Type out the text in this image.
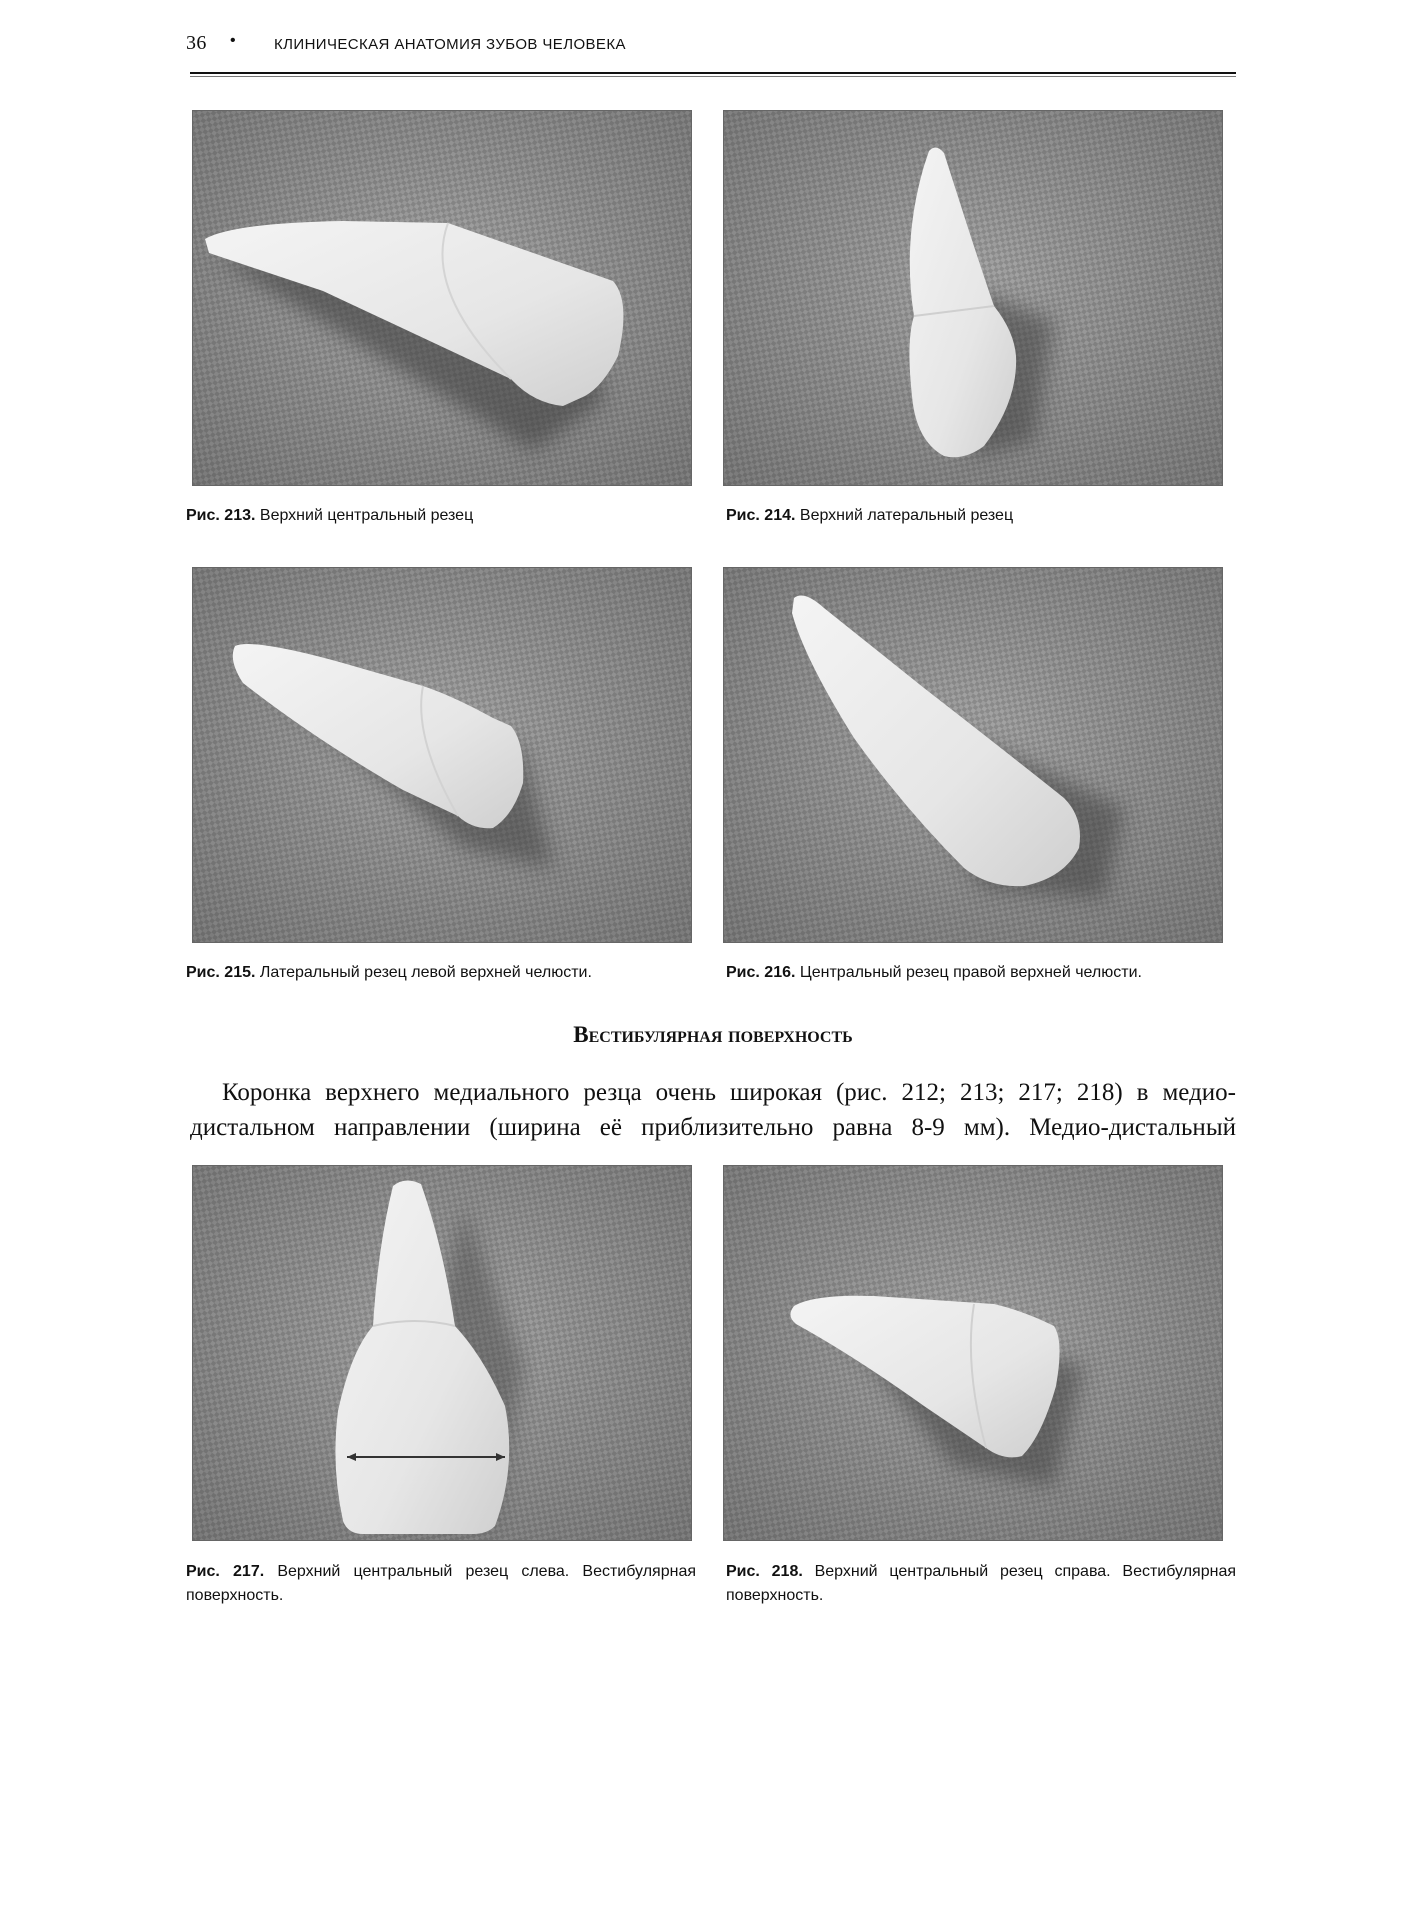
36 •	КЛИНИЧЕСКАЯ АНАТОМИЯ ЗУБОВ ЧЕЛОВЕКА
Рис. 213. Верхний центральный резец	Рис. 214. Верхний латеральный резец
Рис. 215. Латеральный резец левой верхней челюсти.	Рис. 216. Центральный резец правой верхней челюсти.
Вестибулярная поверхность
Коронка верхнего медиального резца очень широкая (рис. 212; 213; 217; 218) в медио-
дистальном направлении (ширина её приблизительно равна 8-9 мм). Медио-дистальный
Рис. 217. Верхний центральный резец слева. Вестибулярная поверхность.
Рис. 218. Верхний центральный резец справа. Вестибулярная поверхность.
